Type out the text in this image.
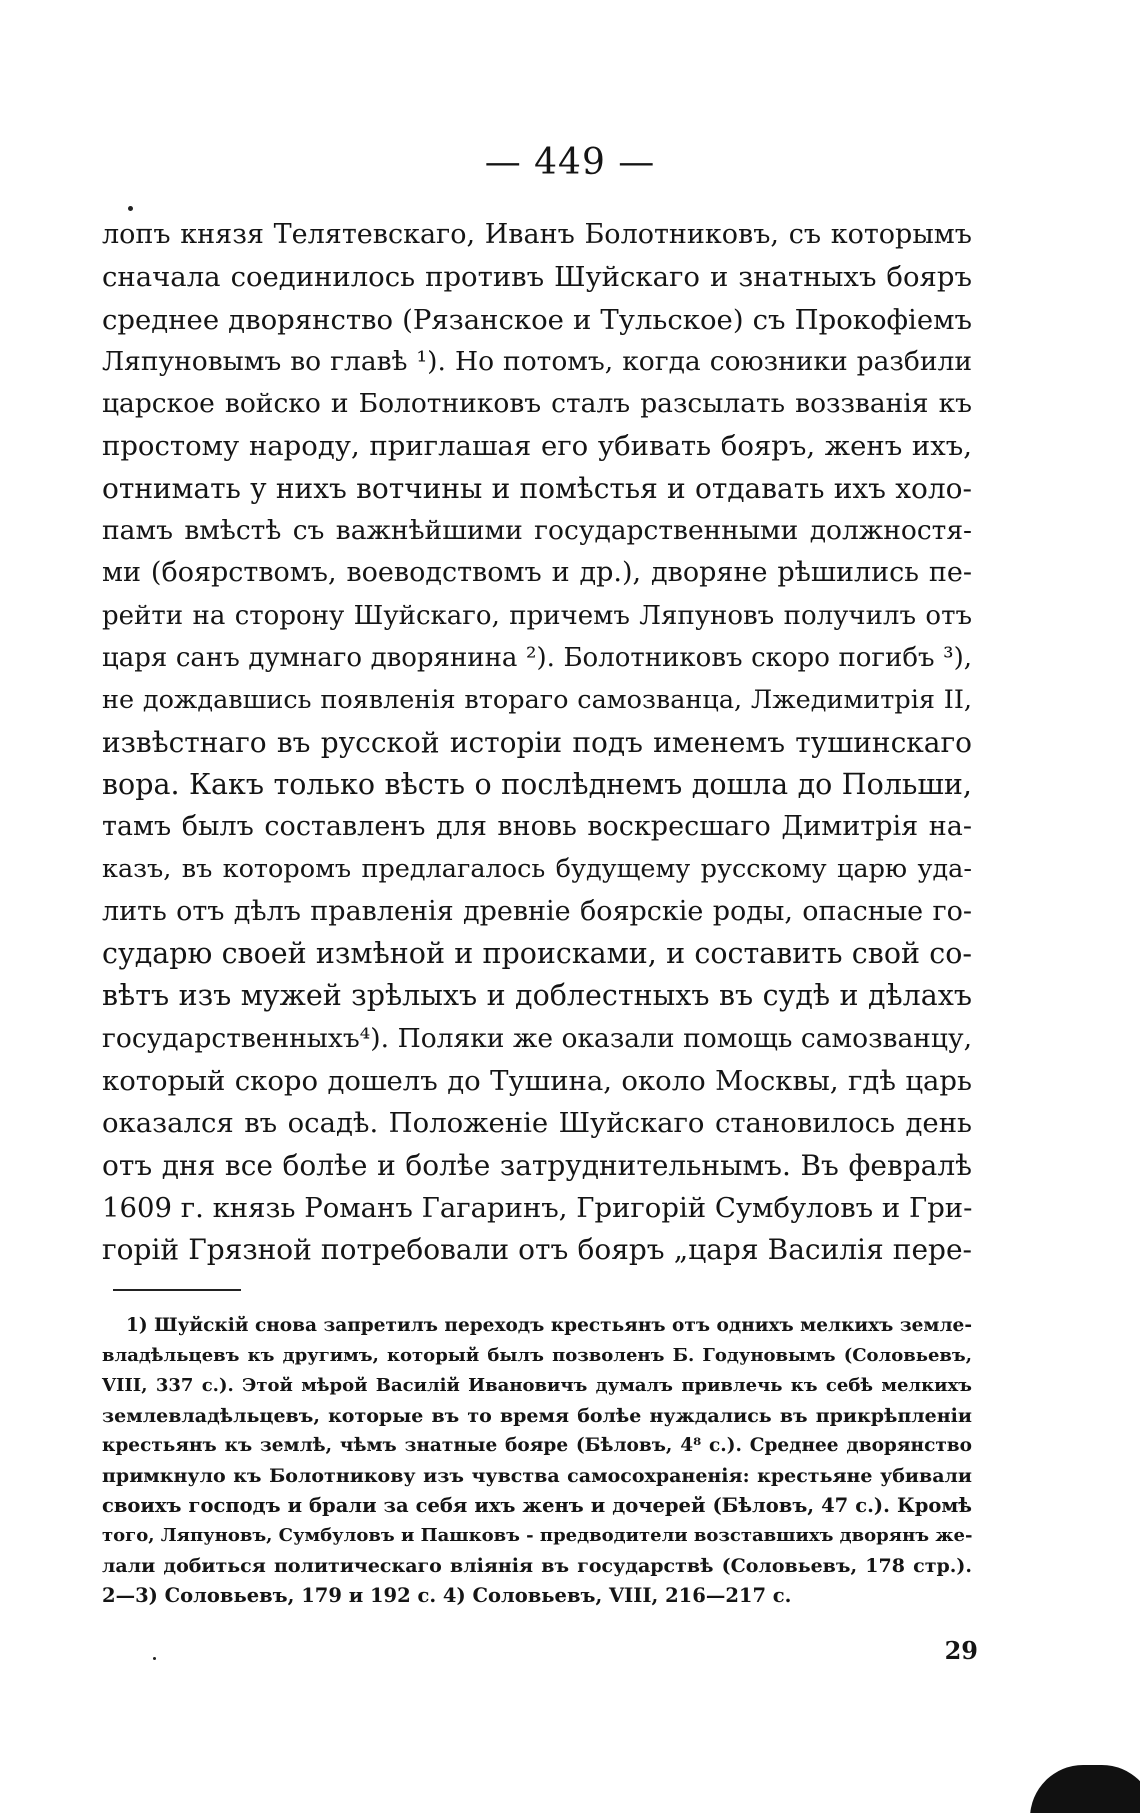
— 449 —
лопъ князя Телятевскаго, Иванъ Болотниковъ, съ которымъ
сначала соединилось противъ Шуйскаго и знатныхъ бояръ
среднее дворянство (Рязанское и Тульское) съ Прокофіемъ
Ляпуновымъ во главѣ ¹). Но потомъ, когда союзники разбили
царское войско и Болотниковъ сталъ разсылать воззванія къ
простому народу, приглашая его убивать бояръ, женъ ихъ,
отнимать у нихъ вотчины и помѣстья и отдавать ихъ холо-
памъ вмѣстѣ съ важнѣйшими государственными должностя-
ми (боярствомъ, воеводствомъ и др.), дворяне рѣшились пе-
рейти на сторону Шуйскаго, причемъ Ляпуновъ получилъ отъ
царя санъ думнаго дворянина ²). Болотниковъ скоро погибъ ³),
не дождавшись появленія втораго самозванца, Лжедимитрія II,
извѣстнаго въ русской исторіи подъ именемъ тушинскаго
вора. Какъ только вѣсть о послѣднемъ дошла до Польши,
тамъ былъ составленъ для вновь воскресшаго Димитрія на-
казъ, въ которомъ предлагалось будущему русскому царю уда-
лить отъ дѣлъ правленія древніе боярскіе роды, опасные го-
сударю своей измѣной и происками, и составить свой со-
вѣтъ изъ мужей зрѣлыхъ и доблестныхъ въ судѣ и дѣлахъ
государственныхъ⁴). Поляки же оказали помощь самозванцу,
который скоро дошелъ до Тушина, около Москвы, гдѣ царь
оказался въ осадѣ. Положеніе Шуйскаго становилось день
отъ дня все болѣе и болѣе затруднительнымъ. Въ февралѣ
1609 г. князь Романъ Гагаринъ, Григорій Сумбуловъ и Гри-
горій Грязной потребовали отъ бояръ „царя Василія пере-
1) Шуйскій снова запретилъ переходъ крестьянъ отъ однихъ мелкихъ земле-
владѣльцевъ къ другимъ, который былъ позволенъ Б. Годуновымъ (Соловьевъ,
VIII, 337 с.). Этой мѣрой Василій Ивановичъ думалъ привлечь къ себѣ мелкихъ
землевладѣльцевъ, которые въ то время болѣе нуждались въ прикрѣпленіи
крестьянъ къ землѣ, чѣмъ знатные бояре (Бѣловъ, 4⁸ с.). Среднее дворянство
примкнуло къ Болотникову изъ чувства самосохраненія: крестьяне убивали
своихъ господъ и брали за себя ихъ женъ и дочерей (Бѣловъ, 47 с.). Кромѣ
того, Ляпуновъ, Сумбуловъ и Пашковъ - предводители возставшихъ дворянъ же-
лали добиться политическаго вліянія въ государствѣ (Соловьевъ, 178 стр.).
2—3) Соловьевъ, 179 и 192 с. 4) Соловьевъ, VIII, 216—217 с.
29
